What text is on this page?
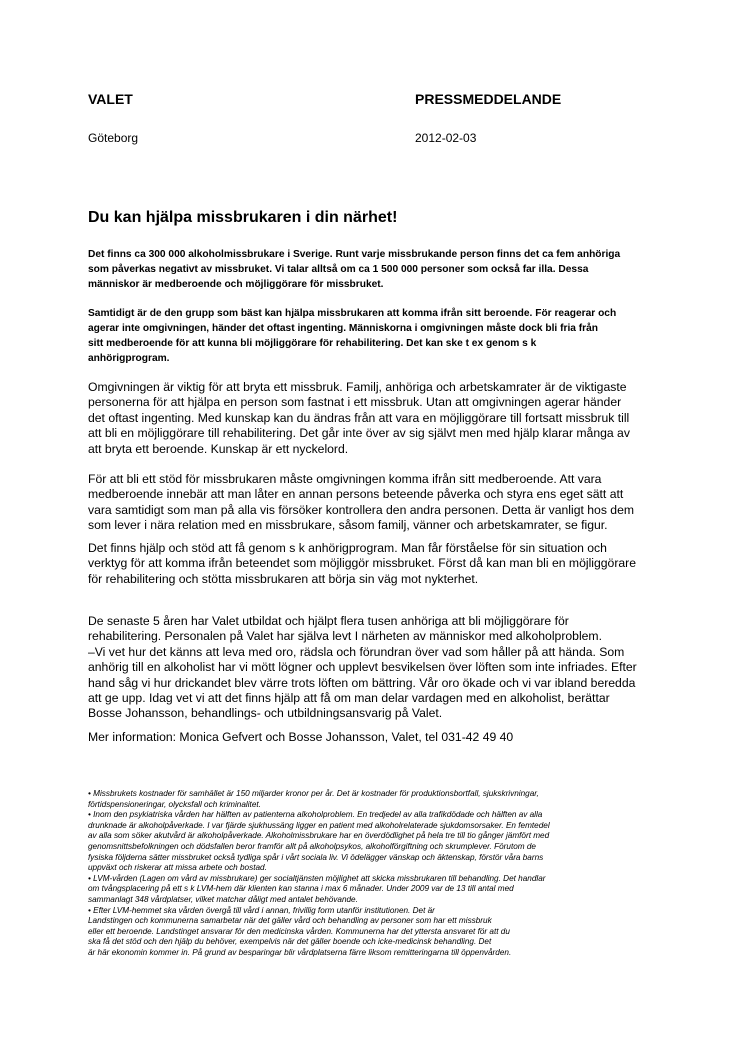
VALET	PRESSMEDDELANDE
Göteborg	2012-02-03
Du kan hjälpa missbrukaren i din närhet!
Det finns ca 300 000 alkoholmissbrukare i Sverige. Runt varje missbrukande person finns det ca fem anhöriga
som påverkas negativt av missbruket. Vi talar alltså om ca 1 500 000 personer som också far illa. Dessa
människor är medberoende och möjliggörare för missbruket.
Samtidigt är de den grupp som bäst kan hjälpa missbrukaren att komma ifrån sitt beroende. För reagerar och
agerar inte omgivningen, händer det oftast ingenting. Människorna i omgivningen måste dock bli fria från
sitt medberoende för att kunna bli möjliggörare för rehabilitering. Det kan ske t ex genom s k
anhörigprogram.
Omgivningen är viktig för att bryta ett missbruk. Familj, anhöriga och arbetskamrater är de viktigaste
personerna för att hjälpa en person som fastnat i ett missbruk. Utan att omgivningen agerar händer
det oftast ingenting. Med kunskap kan du ändras från att vara en möjliggörare till fortsatt missbruk till
att bli en möjliggörare till rehabilitering. Det går inte över av sig självt men med hjälp klarar många av
att bryta ett beroende. Kunskap är ett nyckelord.
För att bli ett stöd för missbrukaren måste omgivningen komma ifrån sitt medberoende. Att vara
medberoende innebär att man låter en annan persons beteende påverka och styra ens eget sätt att
vara samtidigt som man på alla vis försöker kontrollera den andra personen. Detta är vanligt hos dem
som lever i nära relation med en missbrukare, såsom familj, vänner och arbetskamrater, se figur.
Det finns hjälp och stöd att få genom s k anhörigprogram. Man får förståelse för sin situation och
verktyg för att komma ifrån beteendet som möjliggör missbruket. Först då kan man bli en möjliggörare
för rehabilitering och stötta missbrukaren att börja sin väg mot nykterhet.
De senaste 5 åren har Valet utbildat och hjälpt flera tusen anhöriga att bli möjliggörare för
rehabilitering. Personalen på Valet har själva levt I närheten av människor med alkoholproblem.
–Vi vet hur det känns att leva med oro, rädsla och förundran över vad som håller på att hända. Som
anhörig till en alkoholist har vi mött lögner och upplevt besvikelsen över löften som inte infriades. Efter
hand såg vi hur drickandet blev värre trots löften om bättring. Vår oro ökade och vi var ibland beredda
att ge upp. Idag vet vi att det finns hjälp att få om man delar vardagen med en alkoholist, berättar
Bosse Johansson, behandlings- och utbildningsansvarig på Valet.
Mer information: Monica Gefvert och Bosse Johansson, Valet, tel 031-42 49 40
• Missbrukets kostnader för samhället är 150 miljarder kronor per år. Det är kostnader för produktionsbortfall, sjukskrivningar,
förtidspensioneringar, olycksfall och kriminalitet.
• Inom den psykiatriska vården har hälften av patienterna alkoholproblem. En tredjedel av alla trafikdödade och hälften av alla
drunknade är alkoholpåverkade. I var fjärde sjukhussäng ligger en patient med alkoholrelaterade sjukdomsorsaker. En femtedel
av alla som söker akutvård är alkoholpåverkade. Alkoholmissbrukare har en överdödlighet på hela tre till tio gånger jämfört med
genomsnittsbefolkningen och dödsfallen beror framför allt på alkoholpsykos, alkoholförgiftning och skrumplever. Förutom de
fysiska följderna sätter missbruket också tydliga spår i vårt sociala liv. Vi ödelägger vänskap och äktenskap, förstör våra barns
uppväxt och riskerar att missa arbete och bostad.
• LVM-vården (Lagen om vård av missbrukare) ger socialtjänsten möjlighet att skicka missbrukaren till behandling. Det handlar
om tvångsplacering på ett s k LVM-hem där klienten kan stanna i max 6 månader. Under 2009 var de 13 till antal med
sammanlagt 348 vårdplatser, vilket matchar dåligt med antalet behövande.
• Efter LVM-hemmet ska vården övergå till vård i annan, frivillig form utanför institutionen. Det är
Landstingen och kommunerna samarbetar när det gäller vård och behandling av personer som har ett missbruk
eller ett beroende. Landstinget ansvarar för den medicinska vården. Kommunerna har det yttersta ansvaret för att du
ska få det stöd och den hjälp du behöver, exempelvis när det gäller boende och icke-medicinsk behandling. Det
är här ekonomin kommer in. På grund av besparingar blir vårdplatserna färre liksom remitteringarna till öppenvården.
